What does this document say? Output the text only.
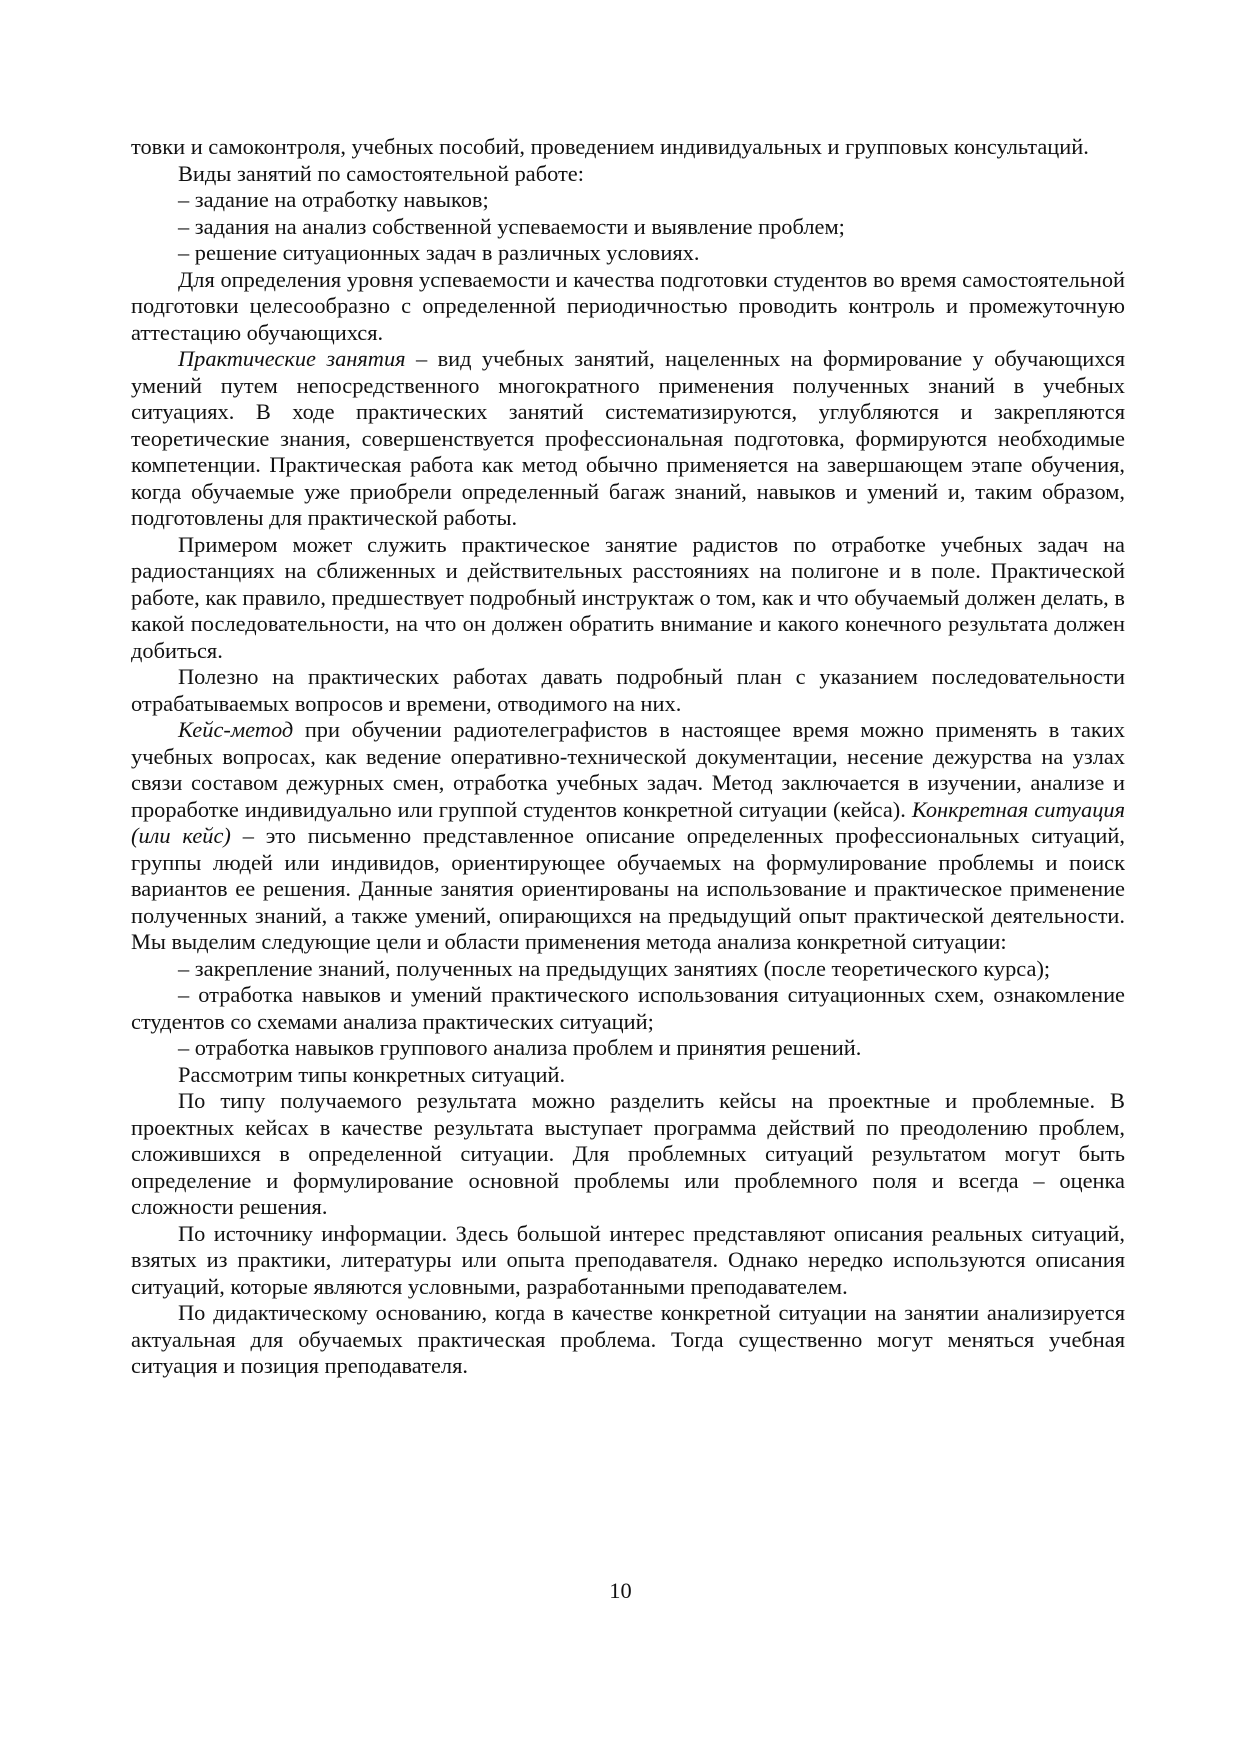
товки и самоконтроля, учебных пособий, проведением индивидуальных и групповых консультаций.

Виды занятий по самостоятельной работе:

– задание на отработку навыков;

– задания на анализ собственной успеваемости и выявление проблем;

– решение ситуационных задач в различных условиях.

Для определения уровня успеваемости и качества подготовки студентов во время самостоятельной подготовки целесообразно с определенной периодичностью проводить контроль и промежуточную аттестацию обучающихся.

Практические занятия – вид учебных занятий, нацеленных на формирование у обучающихся умений путем непосредственного многократного применения полученных знаний в учебных ситуациях. В ходе практических занятий систематизируются, углубляются и закрепляются теоретические знания, совершенствуется профессиональная подготовка, формируются необходимые компетенции. Практическая работа как метод обычно применяется на завершающем этапе обучения, когда обучаемые уже приобрели определенный багаж знаний, навыков и умений и, таким образом, подготовлены для практической работы.

Примером может служить практическое занятие радистов по отработке учебных задач на радиостанциях на сближенных и действительных расстояниях на полигоне и в поле. Практической работе, как правило, предшествует подробный инструктаж о том, как и что обучаемый должен делать, в какой последовательности, на что он должен обратить внимание и какого конечного результата должен добиться.

Полезно на практических работах давать подробный план с указанием последовательности отрабатываемых вопросов и времени, отводимого на них.

Кейс-метод при обучении радиотелеграфистов в настоящее время можно применять в таких учебных вопросах, как ведение оперативно-технической документации, несение дежурства на узлах связи составом дежурных смен, отработка учебных задач. Метод заключается в изучении, анализе и проработке индивидуально или группой студентов конкретной ситуации (кейса). Конкретная ситуация (или кейс) – это письменно представленное описание определенных профессиональных ситуаций, группы людей или индивидов, ориентирующее обучаемых на формулирование проблемы и поиск вариантов ее решения. Данные занятия ориентированы на использование и практическое применение полученных знаний, а также умений, опирающихся на предыдущий опыт практической деятельности. Мы выделим следующие цели и области применения метода анализа конкретной ситуации:

– закрепление знаний, полученных на предыдущих занятиях (после теоретического курса);

– отработка навыков и умений практического использования ситуационных схем, ознакомление студентов со схемами анализа практических ситуаций;

– отработка навыков группового анализа проблем и принятия решений.

Рассмотрим типы конкретных ситуаций.

По типу получаемого результата можно разделить кейсы на проектные и проблемные. В проектных кейсах в качестве результата выступает программа действий по преодолению проблем, сложившихся в определенной ситуации. Для проблемных ситуаций результатом могут быть определение и формулирование основной проблемы или проблемного поля и всегда – оценка сложности решения.

По источнику информации. Здесь большой интерес представляют описания реальных ситуаций, взятых из практики, литературы или опыта преподавателя. Однако нередко используются описания ситуаций, которые являются условными, разработанными преподавателем.

По дидактическому основанию, когда в качестве конкретной ситуации на занятии анализируется актуальная для обучаемых практическая проблема. Тогда существенно могут меняться учебная ситуация и позиция преподавателя.

10
